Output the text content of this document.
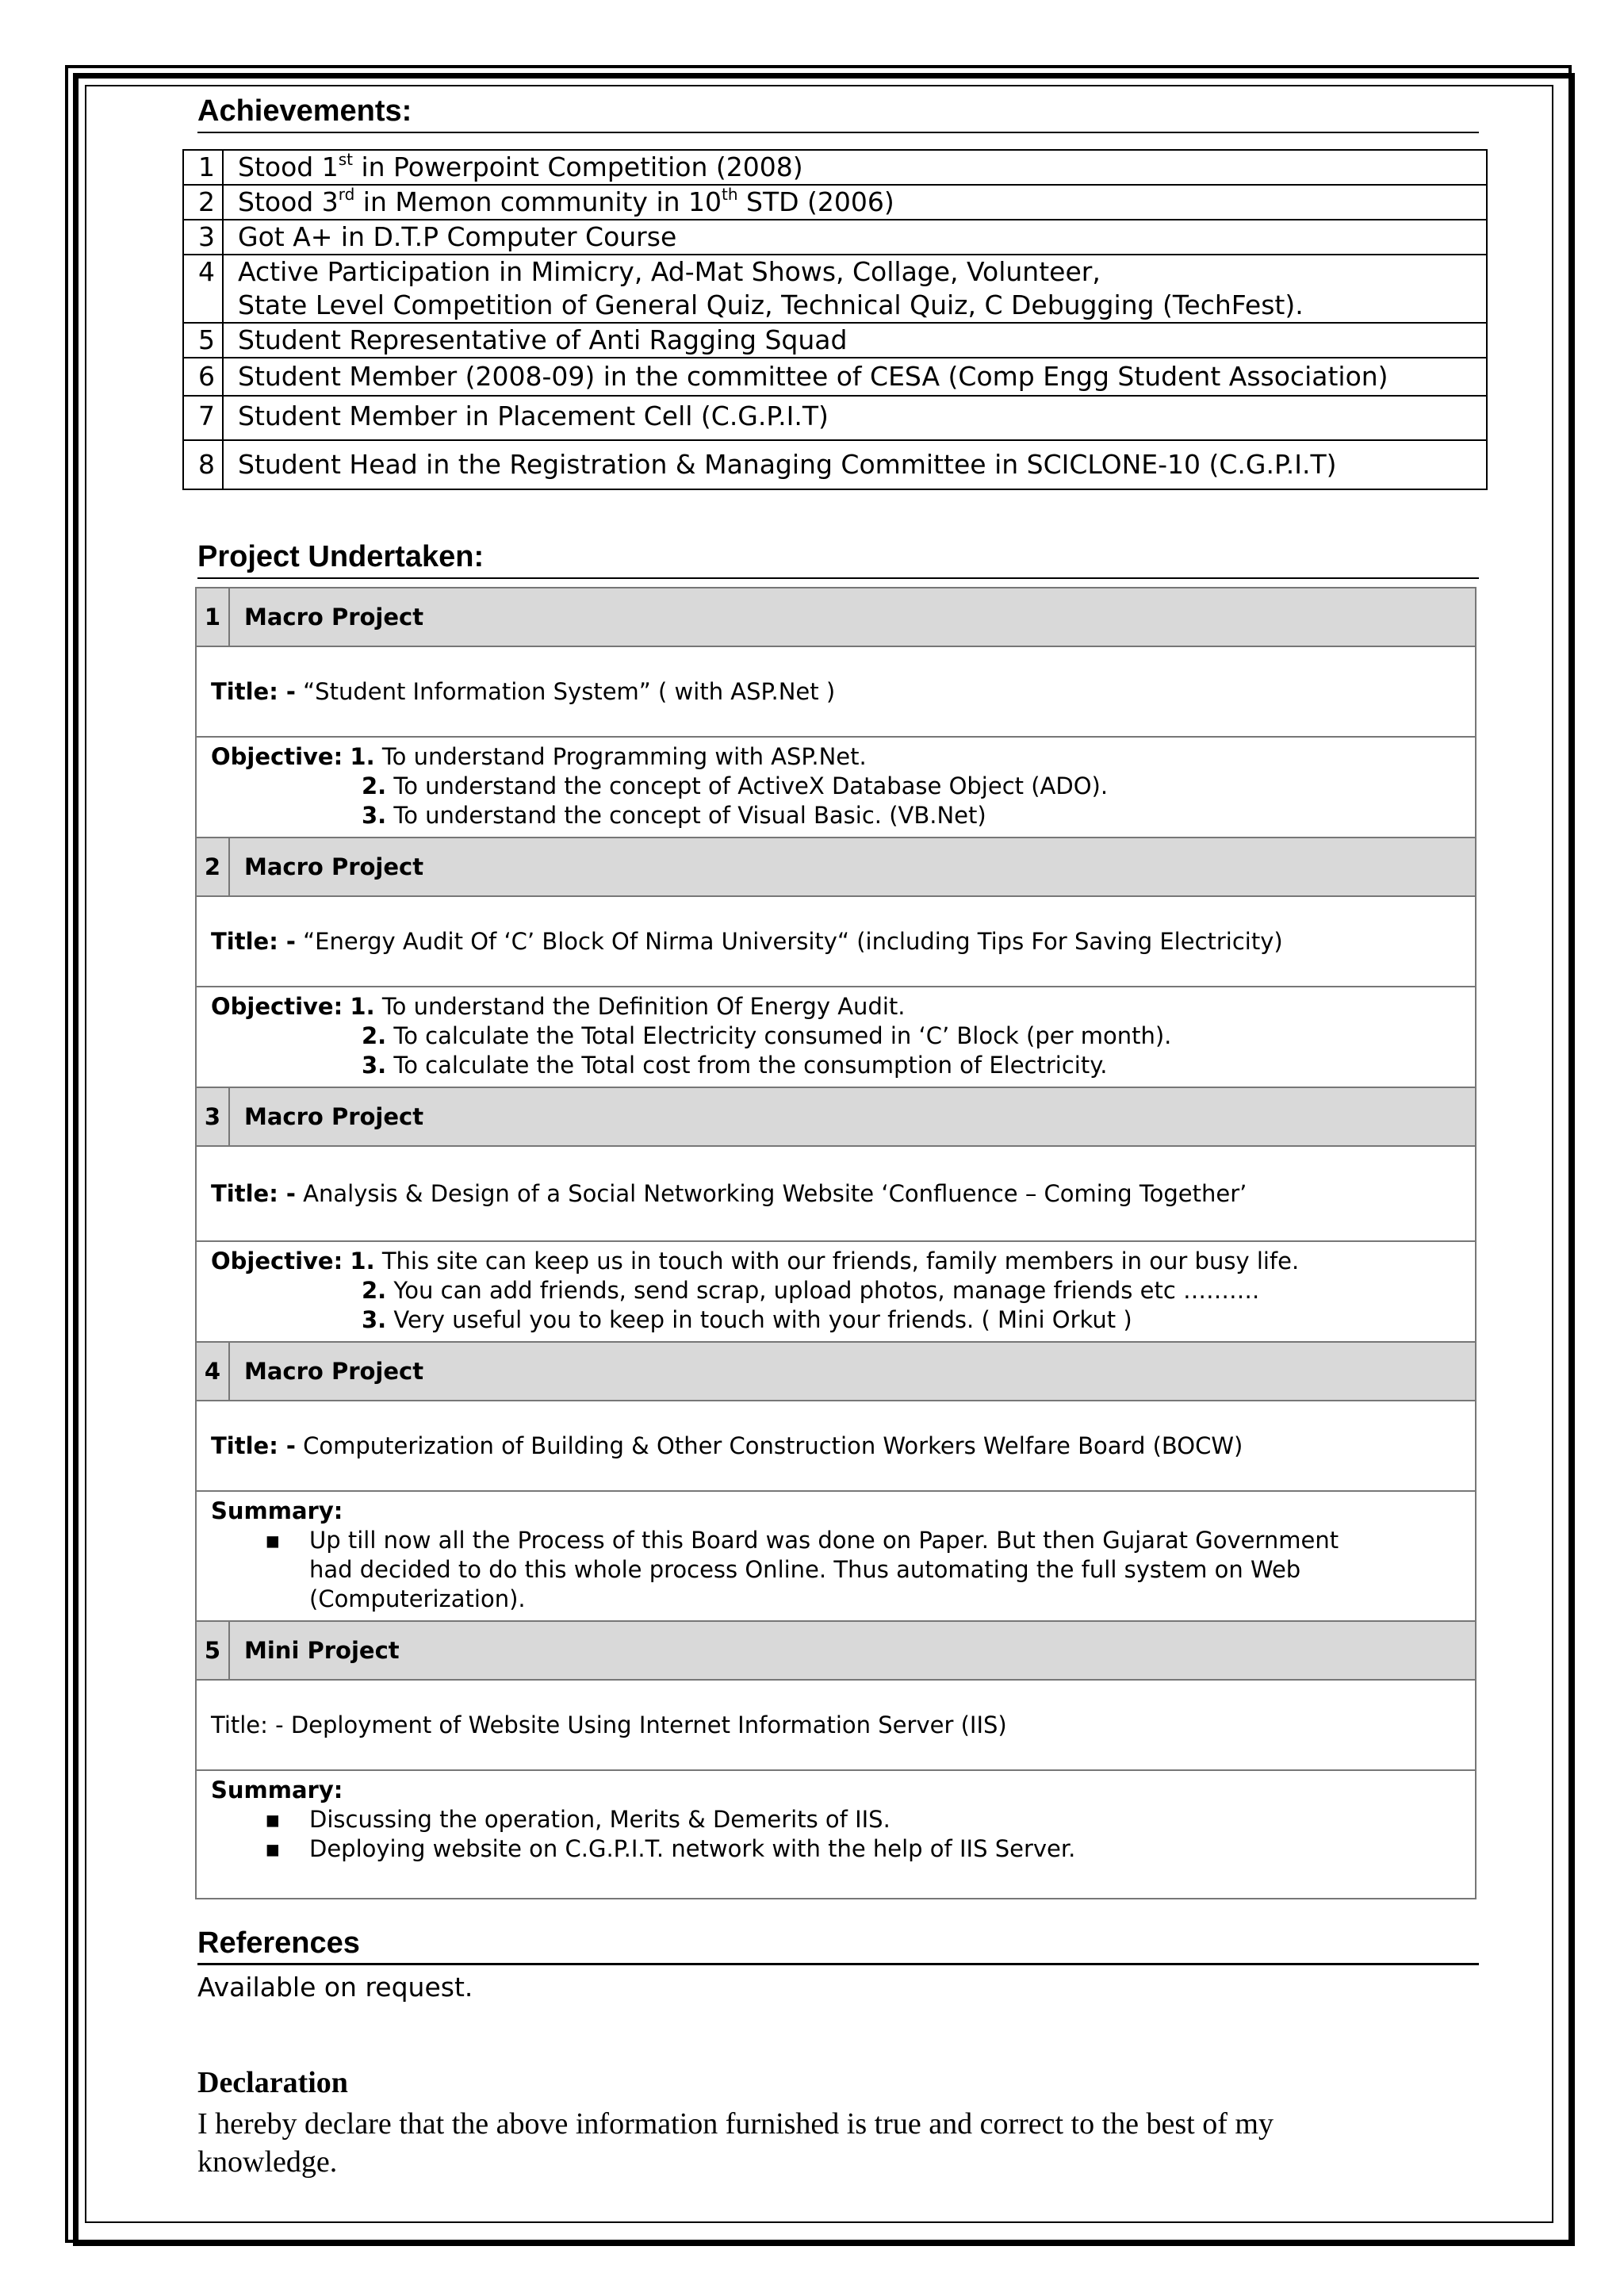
Achievements:
1	Stood 1st in Powerpoint Competition (2008)
2	Stood 3rd in Memon community in 10th STD (2006)
3	Got A+ in D.T.P Computer Course
4	Active Participation in Mimicry, Ad-Mat Shows, Collage, Volunteer,
State Level Competition of General Quiz, Technical Quiz, C Debugging (TechFest).

5	Student Representative of Anti Ragging Squad
6	Student Member (2008-09) in the committee of CESA (Comp Engg Student Association)
7	Student Member in Placement Cell (C.G.P.I.T)
8	Student Head in the Registration & Managing Committee in SCICLONE-10 (C.G.P.I.T)
Project Undertaken:
1	Macro Project
Title: - “Student Information System” ( with ASP.Net )	

Objective: 1. To understand Programming with ASP.Net.
2. To understand the concept of ActiveX Database Object (ADO).
3. To understand the concept of Visual Basic. (VB.Net)	

2	Macro Project
Title: - “Energy Audit Of ‘C’ Block Of Nirma University“ (including Tips For Saving Electricity)	

Objective: 1. To understand the Definition Of Energy Audit.
2. To calculate the Total Electricity consumed in ‘C’ Block (per month).
3. To calculate the Total cost from the consumption of Electricity.	

3	Macro Project
Title: - Analysis & Design of a Social Networking Website ‘Confluence – Coming Together’	

Objective: 1. This site can keep us in touch with our friends, family members in our busy life.
2. You can add friends, send scrap, upload photos, manage friends etc ……….
3. Very useful you to keep in touch with your friends. ( Mini Orkut )	

4	Macro Project
Title: - Computerization of Building & Other Construction Workers Welfare Board (BOCW)	

Summary:
▪ Up till now all the Process of this Board was done on Paper. But then Gujarat Government
had decided to do this whole process Online. Thus automating the full system on Web
(Computerization).	

5	Mini Project
Title: - Deployment of Website Using Internet Information Server (IIS)	

Summary:
▪ Discussing the operation, Merits & Demerits of IIS.
▪ Deploying website on C.G.P.I.T. network with the help of IIS Server.	
References
Available on request.
Declaration
I hereby declare that the above information furnished is true and correct to the best of my
knowledge.
